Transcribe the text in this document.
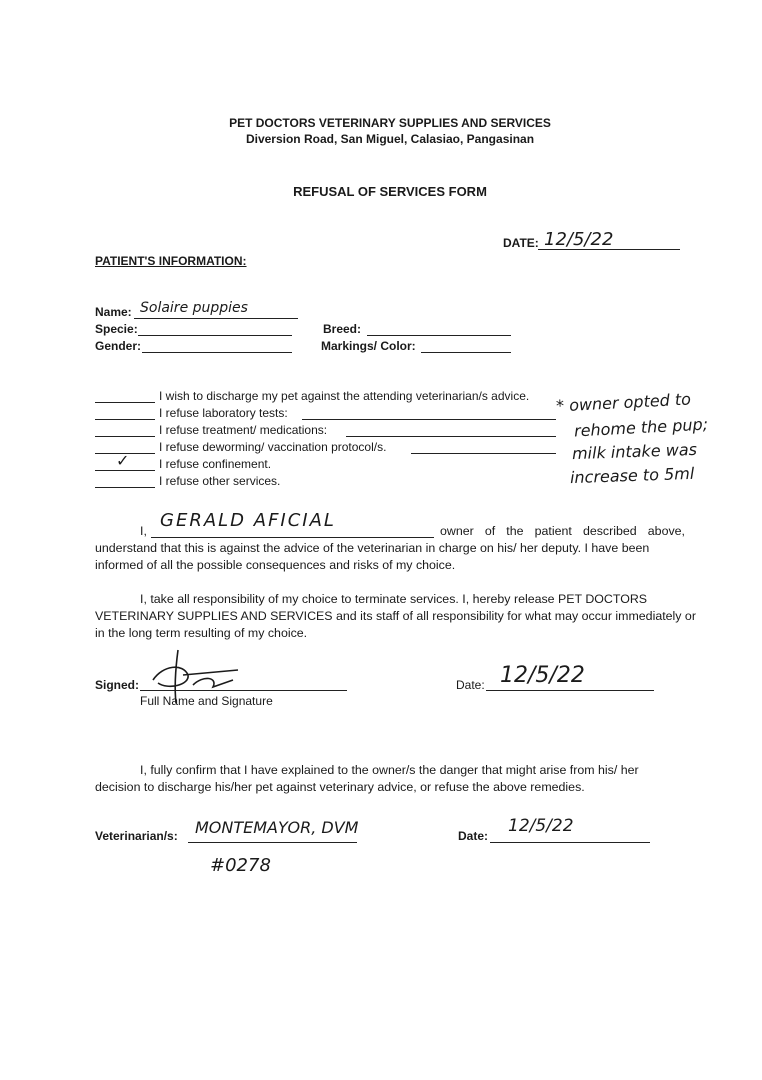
PET DOCTORS VETERINARY SUPPLIES AND SERVICES
Diversion Road, San Miguel, Calasiao, Pangasinan
REFUSAL OF SERVICES FORM
DATE: 12/5/22
PATIENT'S INFORMATION:
Name: Solaire puppies
Specie:	Breed:
Gender:	Markings/ Color:
I wish to discharge my pet against the attending veterinarian/s advice.
I refuse laboratory tests:
I refuse treatment/ medications:
I refuse deworming/ vaccination protocol/s.
✓ I refuse confinement.
I refuse other services.
* owner opted to
rehome the pup;
milk intake was
increase to 5ml
I, GERALD AFICIAL	owner of the patient described above,
understand that this is against the advice of the veterinarian in charge on his/ her deputy. I have been
informed of all the possible consequences and risks of my choice.
I, take all responsibility of my choice to terminate services. I, hereby release PET DOCTORS
VETERINARY SUPPLIES AND SERVICES and its staff of all responsibility for what may occur immediately or
in the long term resulting of my choice.
Signed:
Full Name and Signature
Date: 12/5/22
I, fully confirm that I have explained to the owner/s the danger that might arise from his/ her
decision to discharge his/her pet against veterinary advice, or refuse the above remedies.
Veterinarian/s: MONTEMAYOR, DVM
#0278
Date: 12/5/22
